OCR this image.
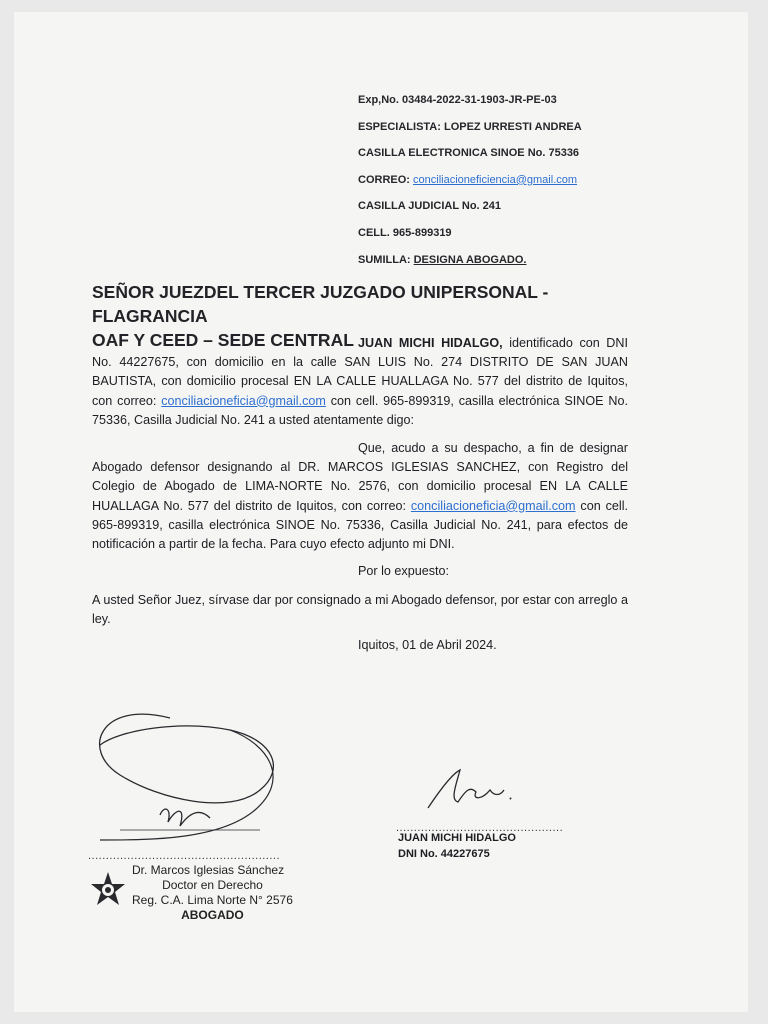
Exp,No. 03484-2022-31-1903-JR-PE-03
ESPECIALISTA: LOPEZ URRESTI ANDREA
CASILLA ELECTRONICA SINOE No. 75336
CORREO: conciliacioneficiencia@gmail.com
CASILLA JUDICIAL No. 241
CELL. 965-899319
SUMILLA: DESIGNA ABOGADO.
SEÑOR JUEZDEL TERCER JUZGADO UNIPERSONAL -FLAGRANCIA
OAF Y CEED – SEDE CENTRAL JUAN MICHI HIDALGO, identificado con DNI No. 44227675, con domicilio en la calle SAN LUIS No. 274 DISTRITO DE SAN JUAN BAUTISTA, con domicilio procesal EN LA CALLE HUALLAGA No. 577 del distrito de Iquitos, con correo: conciliacioneficia@gmail.com con cell. 965-899319, casilla electrónica SINOE No. 75336, Casilla Judicial No. 241 a usted atentamente digo:
Que, acudo a su despacho, a fin de designar Abogado defensor designando al DR. MARCOS IGLESIAS SANCHEZ, con Registro del Colegio de Abogado de LIMA-NORTE No. 2576, con domicilio procesal EN LA CALLE HUALLAGA No. 577 del distrito de Iquitos, con correo: conciliacioneficia@gmail.com con cell. 965-899319, casilla electrónica SINOE No. 75336, Casilla Judicial No. 241, para efectos de notificación a partir de la fecha. Para cuyo efecto adjunto mi DNI.
Por lo expuesto:
A usted Señor Juez, sírvase dar por consignado a mi Abogado defensor, por estar con arreglo a ley.
Iquitos, 01 de Abril 2024.
...............................................
JUAN MICHI HIDALGO
DNI No. 44227675
......................................................
Dr. Marcos Iglesias Sánchez
Doctor en Derecho
Reg. C.A. Lima Norte N° 2576
ABOGADO
